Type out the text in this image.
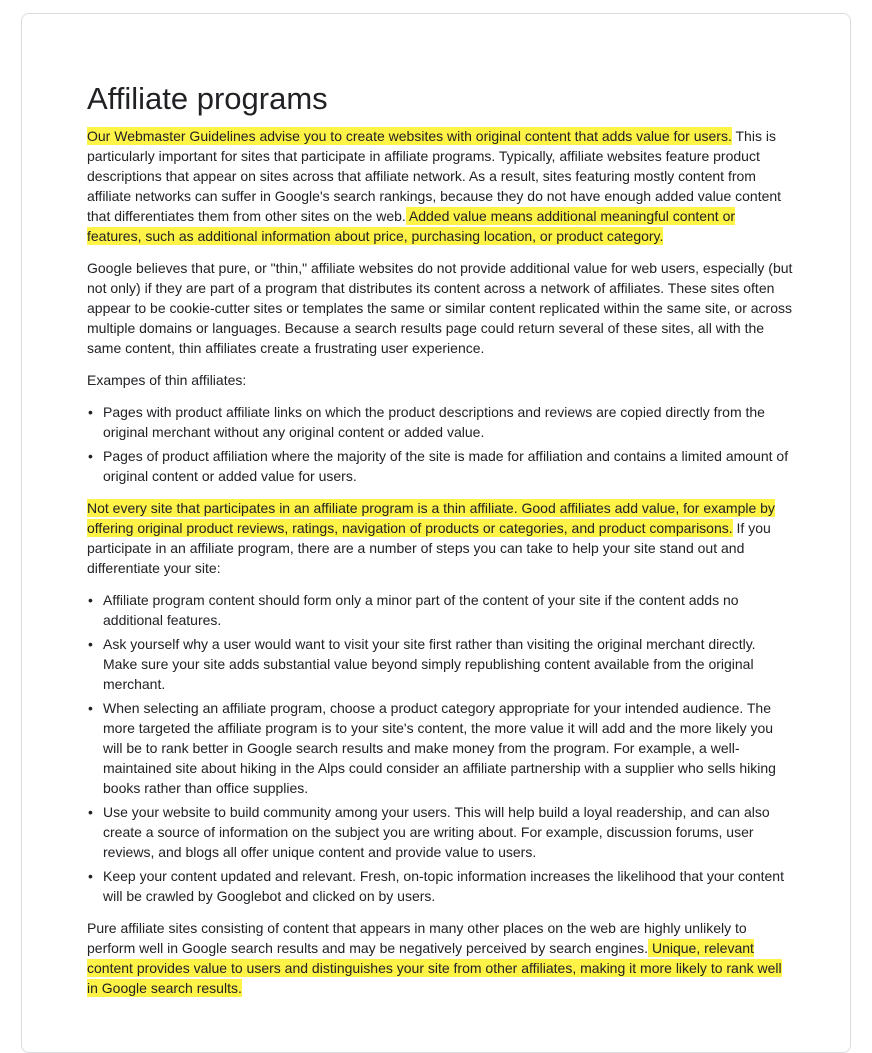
Affiliate programs

Our Webmaster Guidelines advise you to create websites with original content that adds value for users. This is particularly important for sites that participate in affiliate programs. Typically, affiliate websites feature product descriptions that appear on sites across that affiliate network. As a result, sites featuring mostly content from affiliate networks can suffer in Google's search rankings, because they do not have enough added value content that differentiates them from other sites on the web. Added value means additional meaningful content or features, such as additional information about price, purchasing location, or product category.

Google believes that pure, or "thin," affiliate websites do not provide additional value for web users, especially (but not only) if they are part of a program that distributes its content across a network of affiliates. These sites often appear to be cookie-cutter sites or templates the same or similar content replicated within the same site, or across multiple domains or languages. Because a search results page could return several of these sites, all with the same content, thin affiliates create a frustrating user experience.

Exampes of thin affiliates:

• Pages with product affiliate links on which the product descriptions and reviews are copied directly from the original merchant without any original content or added value.
• Pages of product affiliation where the majority of the site is made for affiliation and contains a limited amount of original content or added value for users.

Not every site that participates in an affiliate program is a thin affiliate. Good affiliates add value, for example by offering original product reviews, ratings, navigation of products or categories, and product comparisons. If you participate in an affiliate program, there are a number of steps you can take to help your site stand out and differentiate your site:

• Affiliate program content should form only a minor part of the content of your site if the content adds no additional features.
• Ask yourself why a user would want to visit your site first rather than visiting the original merchant directly. Make sure your site adds substantial value beyond simply republishing content available from the original merchant.
• When selecting an affiliate program, choose a product category appropriate for your intended audience. The more targeted the affiliate program is to your site's content, the more value it will add and the more likely you will be to rank better in Google search results and make money from the program. For example, a well-maintained site about hiking in the Alps could consider an affiliate partnership with a supplier who sells hiking books rather than office supplies.
• Use your website to build community among your users. This will help build a loyal readership, and can also create a source of information on the subject you are writing about. For example, discussion forums, user reviews, and blogs all offer unique content and provide value to users.
• Keep your content updated and relevant. Fresh, on-topic information increases the likelihood that your content will be crawled by Googlebot and clicked on by users.

Pure affiliate sites consisting of content that appears in many other places on the web are highly unlikely to perform well in Google search results and may be negatively perceived by search engines. Unique, relevant content provides value to users and distinguishes your site from other affiliates, making it more likely to rank well in Google search results.
